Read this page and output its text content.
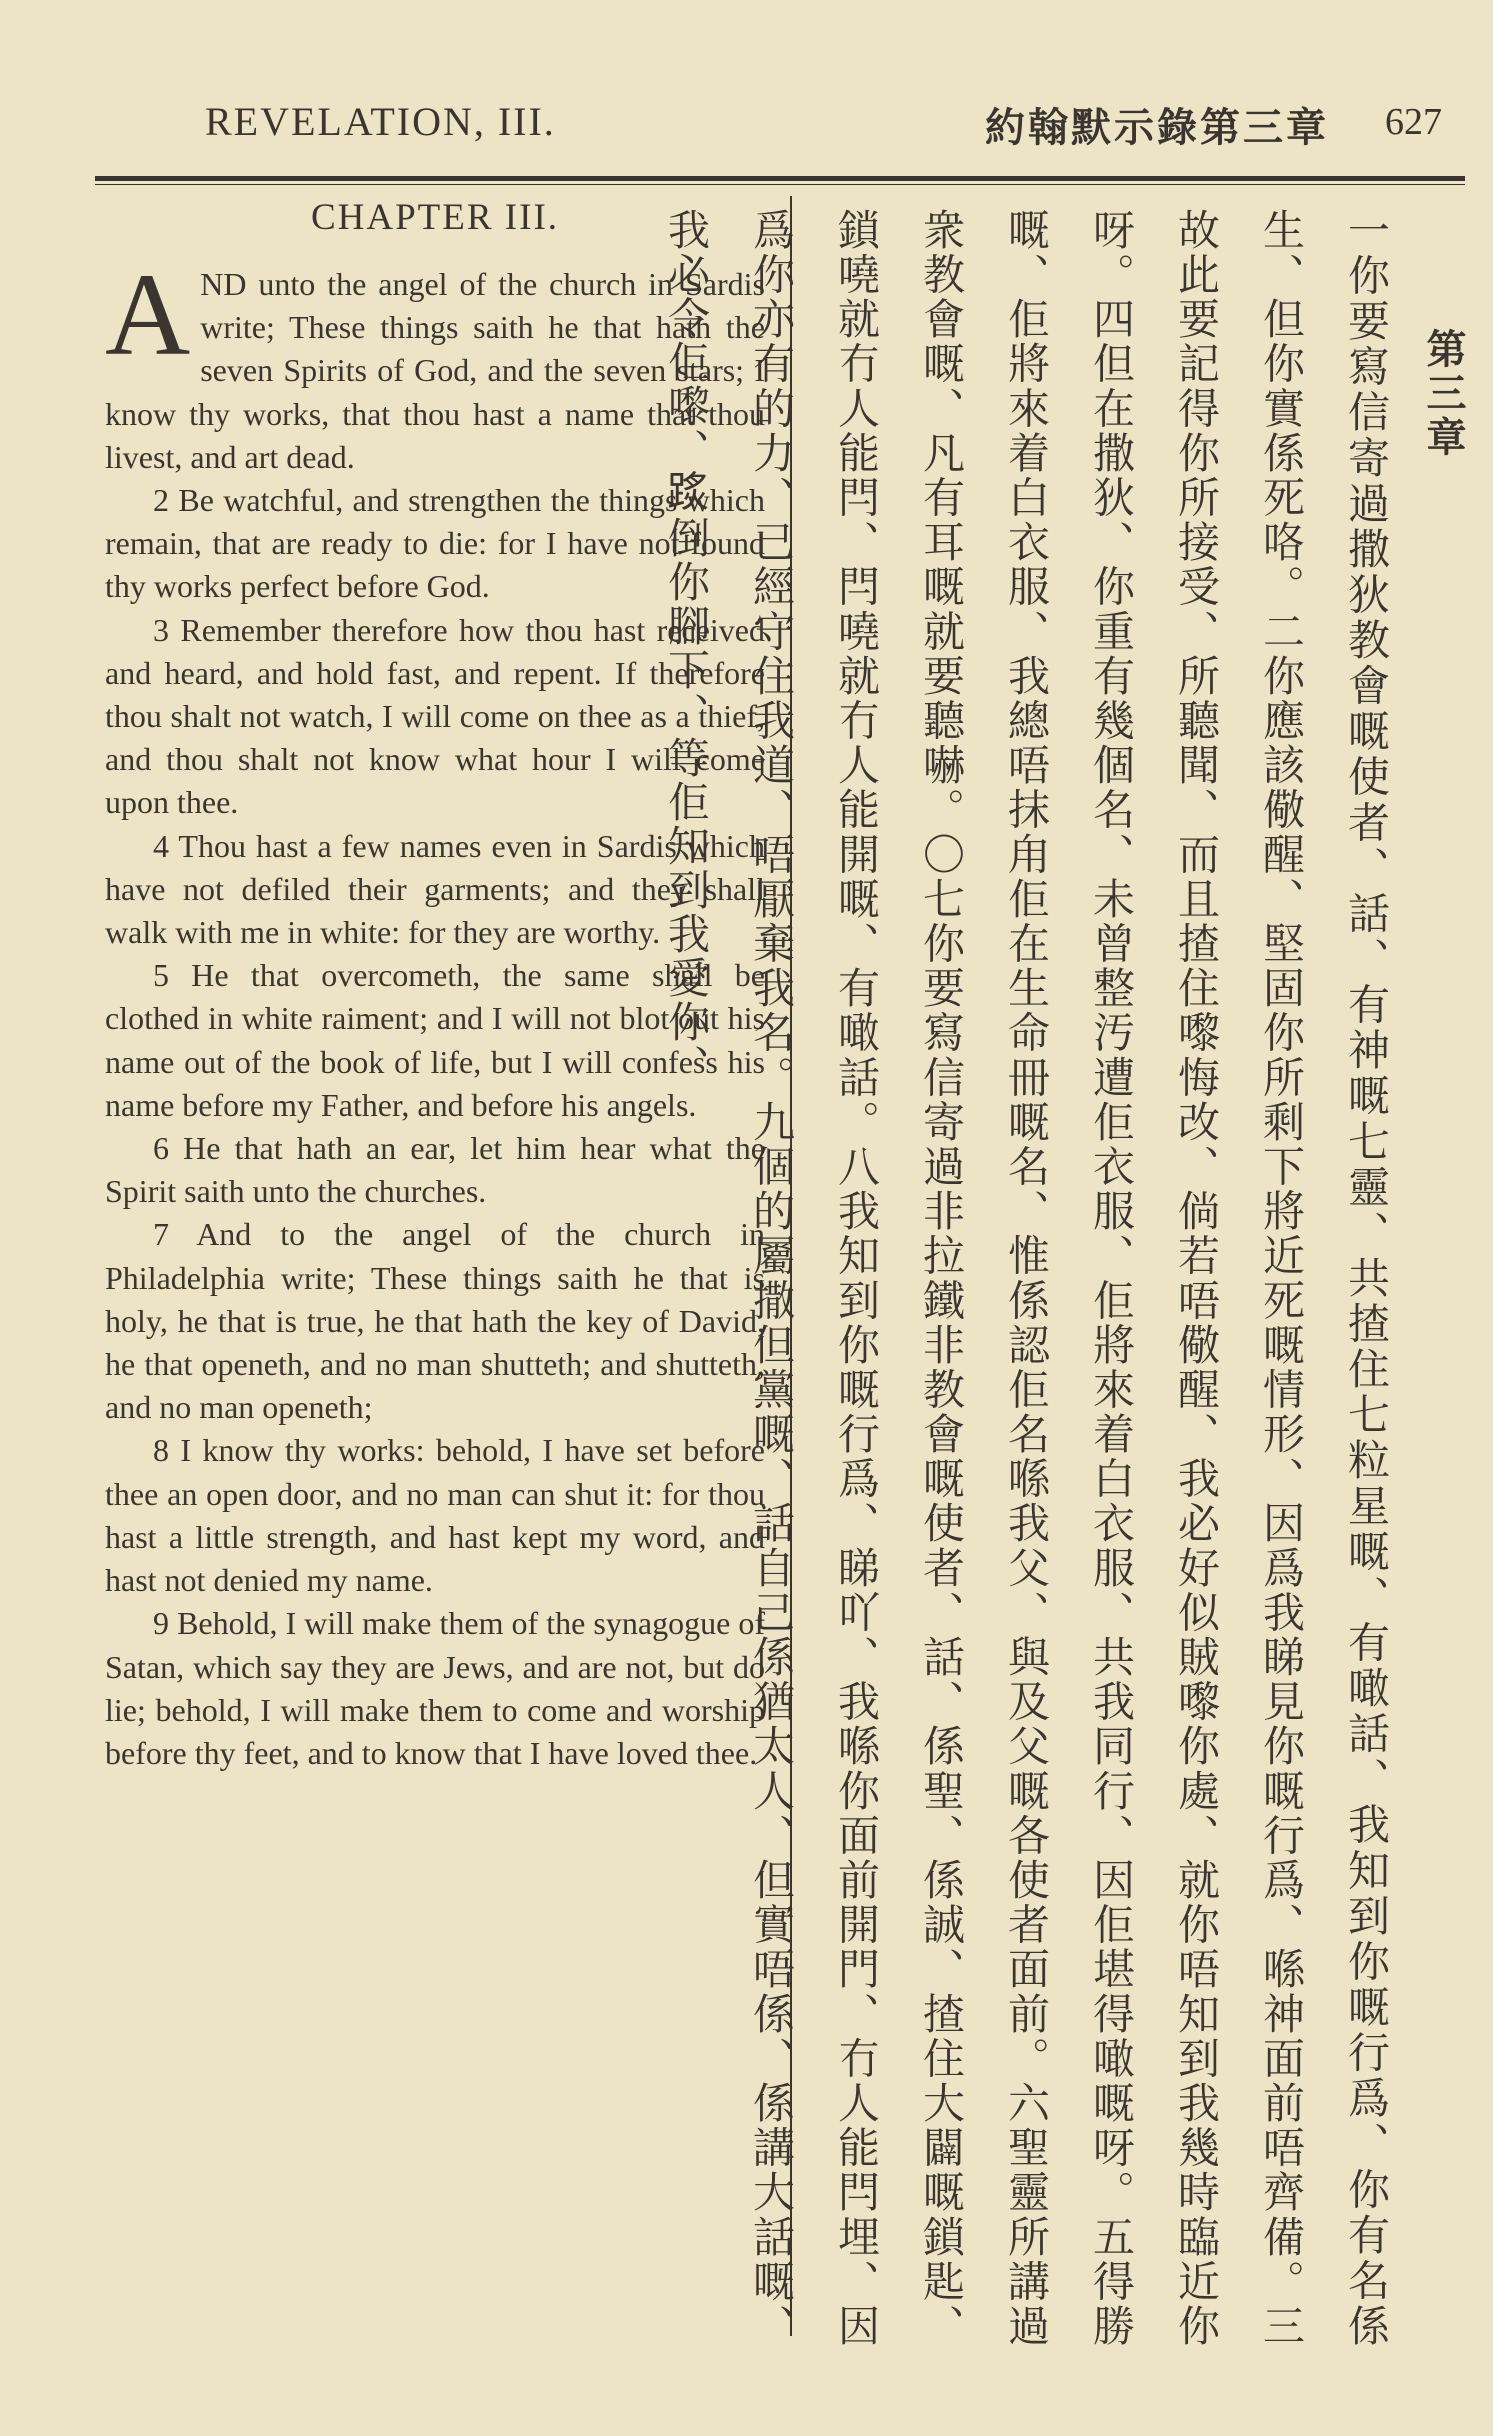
REVELATION, III.	約翰默示錄第三章 627
CHAPTER III.

AND unto the angel of the church in Sardis write; These things saith he that hath the seven Spirits of God, and the seven stars; I know thy works, that thou hast a name that thou livest, and art dead.

2 Be watchful, and strengthen the things which remain, that are ready to die: for I have not found thy works perfect before God.

3 Remember therefore how thou hast received and heard, and hold fast, and repent. If therefore thou shalt not watch, I will come on thee as a thief, and thou shalt not know what hour I will come upon thee.

4 Thou hast a few names even in Sardis which have not defiled their garments; and they shall walk with me in white: for they are worthy.

5 He that overcometh, the same shall be clothed in white raiment; and I will not blot out his name out of the book of life, but I will confess his name before my Father, and before his angels.

6 He that hath an ear, let him hear what the Spirit saith unto the churches.

7 And to the angel of the church in Philadelphia write; These things saith he that is holy, he that is true, he that hath the key of David, he that openeth, and no man shutteth; and shutteth, and no man openeth;

8 I know thy works: behold, I have set before thee an open door, and no man can shut it: for thou hast a little strength, and hast kept my word, and hast not denied my name.

9 Behold, I will make them of the synagogue of Satan, which say they are Jews, and are not, but do lie; behold, I will make them to come and worship before thy feet, and to know that I have loved thee.

第三章
一你要寫信寄過撒狄教會嘅使者、話、有神嘅七靈、共揸住七粒星嘅、有噉話、我知到你嘅行爲、你有名係生、但你實係死咯。二你應該儆醒、堅固你所剩下將近死嘅情形、因爲我睇見你嘅行爲、喺神面前唔齊備。三故此要記得你所接受、所聽聞、而且揸住嚟悔改、倘若唔儆醒、我必好似賊嚟你處、就你唔知到我幾時臨近你呀。四但在撒狄、你重有幾個名、未曾整汚遭佢衣服、佢將來着白衣服、共我同行、因佢堪得噉嘅呀。五得勝嘅、佢將來着白衣服、我總唔抹甪佢在生命冊嘅名、惟係認佢名喺我父、與及父嘅各使者面前。六聖靈所講過衆教會嘅、凡有耳嘅就要聽嚇。〇七你要寫信寄過非拉鐵非教會嘅使者、話、係聖、係誠、揸住大闢嘅鎖匙、鎖嘵就冇人能閂、閂嘵就冇人能開嘅、有噉話。八我知到你嘅行爲、睇吖、我喺你面前開門、冇人能閂埋、因爲你亦有的力、已經守住我道、唔厭棄我名。九個的屬撒但黨嘅、話自己係猶太人、但實唔係、係講大話嘅、我必令佢嚟、𨂂倒你腳下、等佢知到我愛你、
